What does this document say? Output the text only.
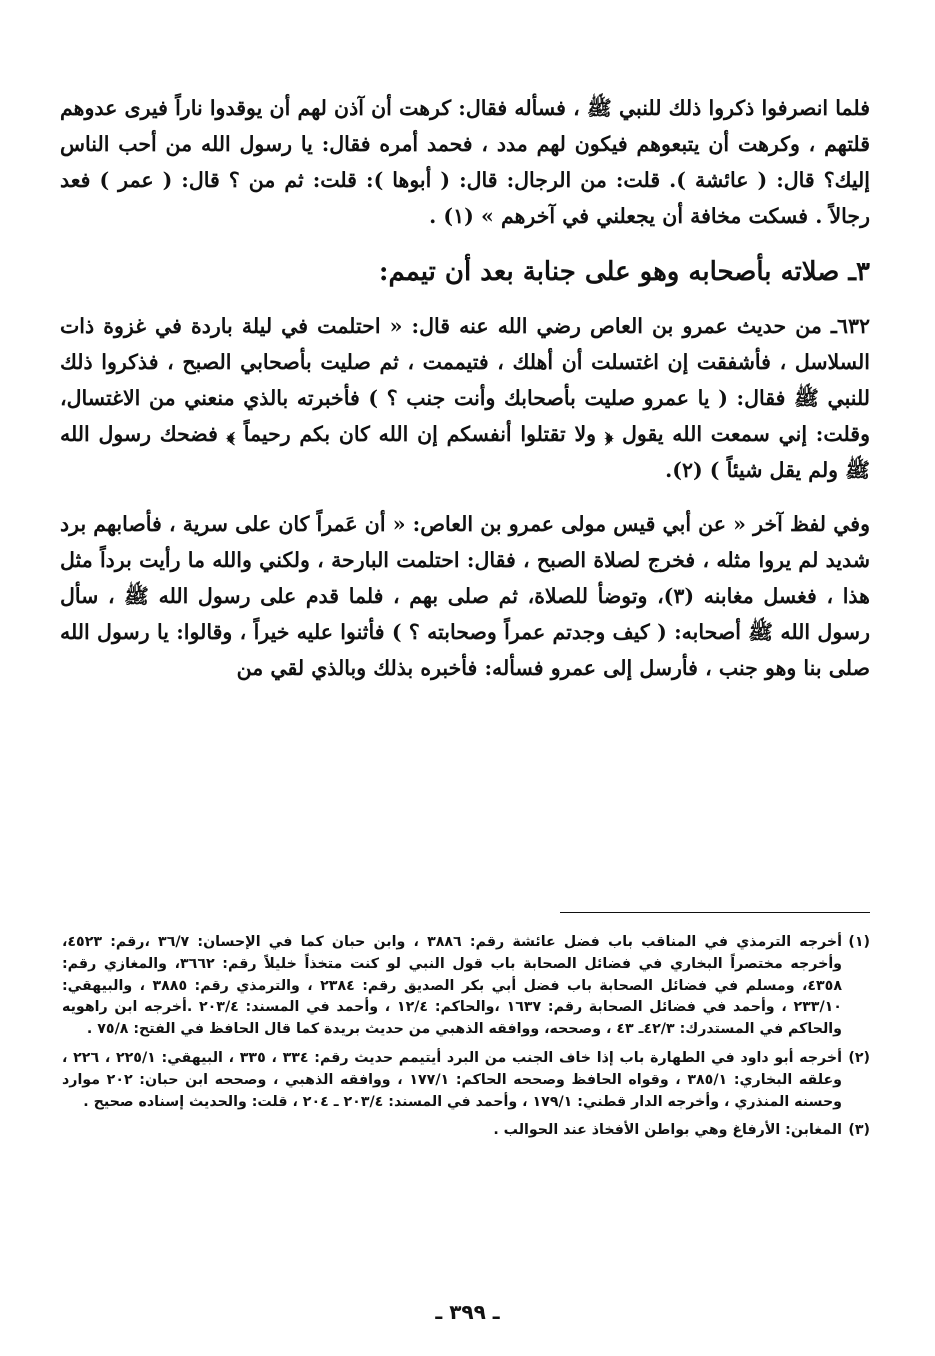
فلما انصرفوا ذكروا ذلك للنبي ﷺ ، فسأله فقال: كرهت أن آذن لهم أن يوقدوا ناراً فيرى عدوهم قلتهم ، وكرهت أن يتبعوهم فيكون لهم مدد ، فحمد أمره فقال: يا رسول الله من أحب الناس إليك؟ قال: ( عائشة ). قلت: من الرجال: قال: ( أبوها ): قلت: ثم من ؟ قال: ( عمر ) فعد رجالاً . فسكت مخافة أن يجعلني في آخرهم » (١) .

٣ـ صلاته بأصحابه وهو على جنابة بعد أن تيمم:

٦٣٢ـ من حديث عمرو بن العاص رضي الله عنه قال: « احتلمت في ليلة باردة في غزوة ذات السلاسل ، فأشفقت إن اغتسلت أن أهلك ، فتيممت ، ثم صليت بأصحابي الصبح ، فذكروا ذلك للنبي ﷺ فقال: ( يا عمرو صليت بأصحابك وأنت جنب ؟ ) فأخبرته بالذي منعني من الاغتسال، وقلت: إني سمعت الله يقول ﴿ ولا تقتلوا أنفسكم إن الله كان بكم رحيماً ﴾ فضحك رسول الله ﷺ ولم يقل شيئاً ) (٢).

وفي لفظ آخر « عن أبي قيس مولى عمرو بن العاص: « أن عَمراً كان على سرية ، فأصابهم برد شديد لم يروا مثله ، فخرج لصلاة الصبح ، فقال: احتلمت البارحة ، ولكني والله ما رأيت برداً مثل هذا ، فغسل مغابنه (٣)، وتوضأ للصلاة، ثم صلى بهم ، فلما قدم على رسول الله ﷺ ، سأل رسول الله ﷺ أصحابه: ( كيف وجدتم عمراً وصحابته ؟ ) فأثنوا عليه خيراً ، وقالوا: يا رسول الله صلى بنا وهو جنب ، فأرسل إلى عمرو فسأله: فأخبره بذلك وبالذي لقي من

(١)
أخرجه الترمذي في المناقب باب فضل عائشة رقم: ٣٨٨٦ ، وابن حبان كما في الإحسان: ٣٦/٧ ،رقم: ٤٥٢٣، وأخرجه مختصراً البخاري في فضائل الصحابة باب قول النبي لو كنت متخذاً خليلاً رقم: ٣٦٦٢، والمغازي رقم: ٤٣٥٨، ومسلم في فضائل الصحابة باب فضل أبي بكر الصديق رقم: ٢٣٨٤ ، والترمذي رقم: ٣٨٨٥ ، والبيهقي: ٢٣٣/١٠ ، وأحمد في فضائل الصحابة رقم: ١٦٣٧ ،والحاكم: ١٢/٤ ، وأحمد في المسند: ٢٠٣/٤ .أخرجه ابن راهويه والحاكم في المستدرك: ٤٢/٣ـ ٤٣ ، وصححه، ووافقه الذهبي من حديث بريدة كما قال الحافظ في الفتح: ٧٥/٨ .
(٢)
أخرجه أبو داود في الطهارة باب إذا خاف الجنب من البرد أيتيمم حديث رقم: ٣٣٤ ، ٣٣٥ ، البيهقي: ٢٢٥/١ ، ٢٢٦ ، وعلقه البخاري: ٣٨٥/١ ، وقواه الحافظ وصححه الحاكم: ١٧٧/١ ، ووافقه الذهبي ، وصححه ابن حبان: ٢٠٢ موارد وحسنه المنذري ، وأخرجه الدار قطني: ١٧٩/١ ، وأحمد في المسند: ٢٠٣/٤ ـ ٢٠٤ ، قلت: والحديث إسناده صحيح .
(٣)
المغابن: الأرفاغ وهي بواطن الأفخاذ عند الحوالب .
ـ ٣٩٩ ـ
